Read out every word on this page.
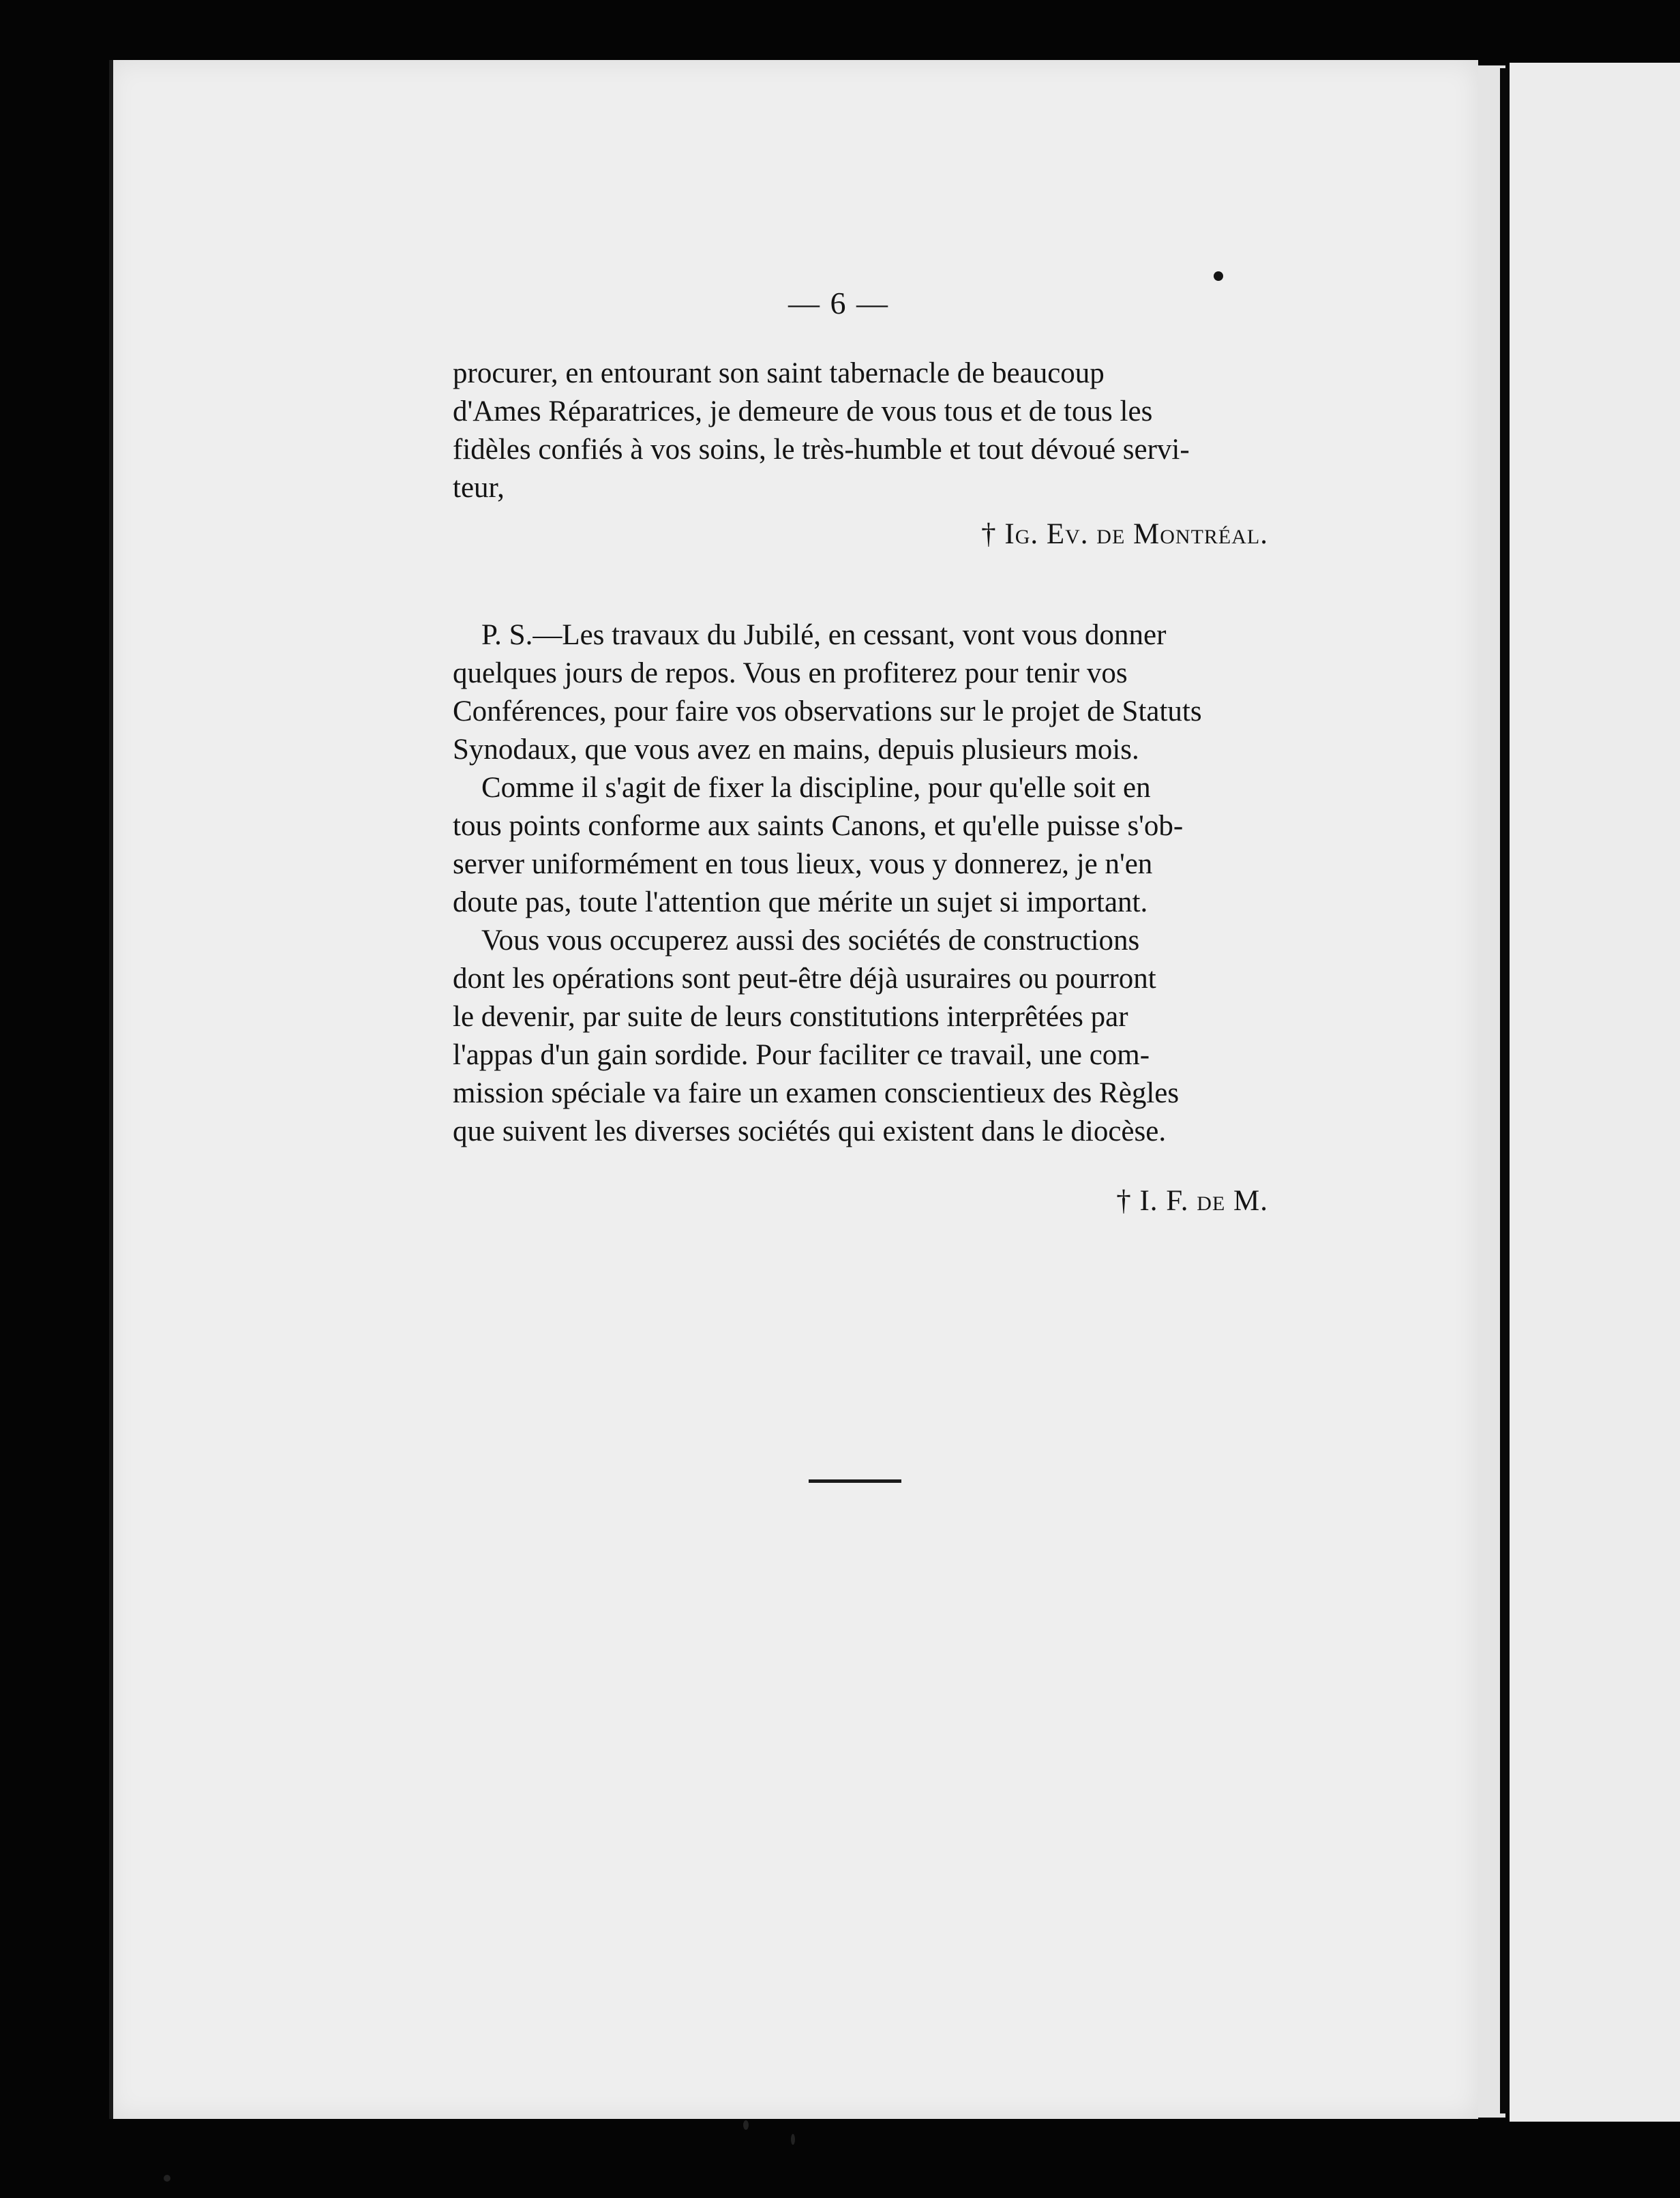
— 6 —

procurer, en entourant son saint tabernacle de beaucoup

d'Ames Réparatrices, je demeure de vous tous et de tous les

fidèles confiés à vos soins, le très-humble et tout dévoué servi-

teur,

† Ig. Ev. de Montréal.

P. S.—Les travaux du Jubilé, en cessant, vont vous donner

quelques jours de repos. Vous en profiterez pour tenir vos

Conférences, pour faire vos observations sur le projet de Statuts

Synodaux, que vous avez en mains, depuis plusieurs mois.

Comme il s'agit de fixer la discipline, pour qu'elle soit en

tous points conforme aux saints Canons, et qu'elle puisse s'ob-

server uniformément en tous lieux, vous y donnerez, je n'en

doute pas, toute l'attention que mérite un sujet si important.

Vous vous occuperez aussi des sociétés de constructions

dont les opérations sont peut-être déjà usuraires ou pourront

le devenir, par suite de leurs constitutions interprêtées par

l'appas d'un gain sordide. Pour faciliter ce travail, une com-

mission spéciale va faire un examen conscientieux des Règles

que suivent les diverses sociétés qui existent dans le diocèse.

† I. F. de M.
